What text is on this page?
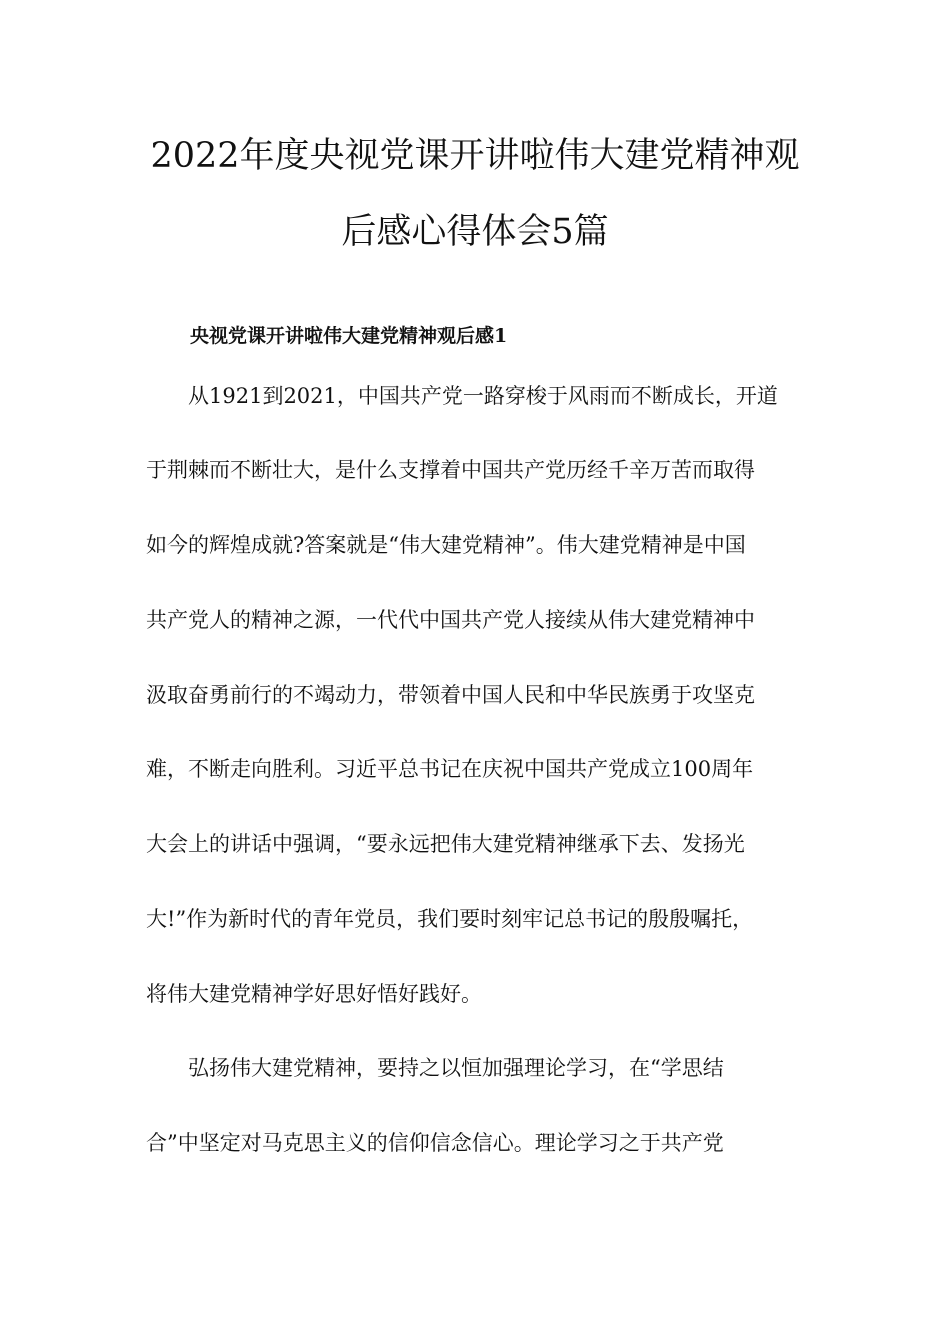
2022年度央视党课开讲啦伟大建党精神观
后感心得体会5篇
央视党课开讲啦伟大建党精神观后感1
从1921到2021，中国共产党一路穿梭于风雨而不断成长，开道
于荆棘而不断壮大，是什么支撑着中国共产党历经千辛万苦而取得
如今的辉煌成就?答案就是“伟大建党精神”。伟大建党精神是中国
共产党人的精神之源，一代代中国共产党人接续从伟大建党精神中
汲取奋勇前行的不竭动力，带领着中国人民和中华民族勇于攻坚克
难，不断走向胜利。习近平总书记在庆祝中国共产党成立100周年
大会上的讲话中强调，“要永远把伟大建党精神继承下去、发扬光
大!”作为新时代的青年党员，我们要时刻牢记总书记的殷殷嘱托，
将伟大建党精神学好思好悟好践好。
弘扬伟大建党精神，要持之以恒加强理论学习，在“学思结
合”中坚定对马克思主义的信仰信念信心。理论学习之于共产党
